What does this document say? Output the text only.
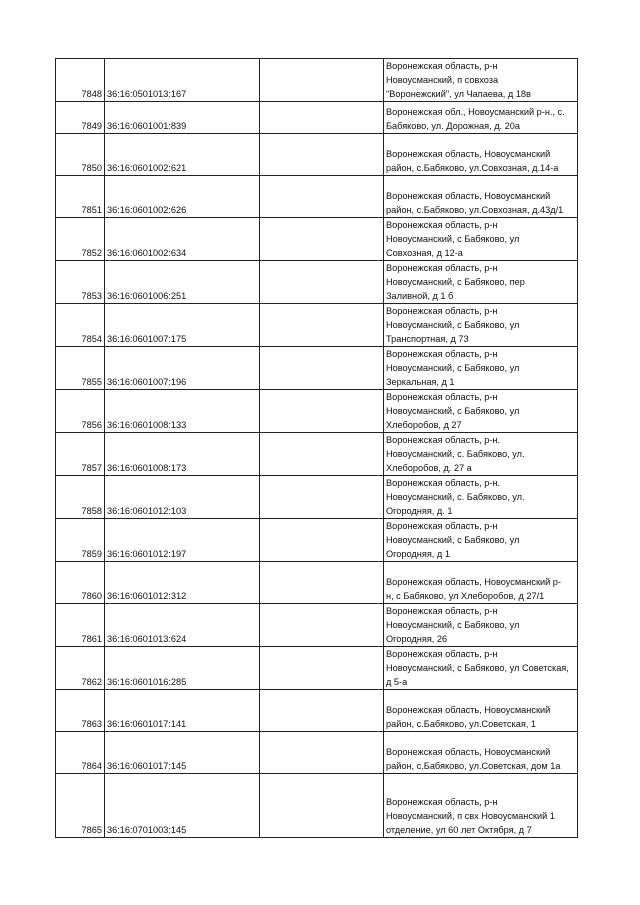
7848	36:16:0501013:167		Воронежская область, р-н
Новоусманский, п совхоза
"Воронежский", ул Чапаева, д 18в

7849	36:16:0601001:839		Воронежская обл., Новоусманский р-н., с.
Бабяково, ул. Дорожная, д. 20а

7850	36:16:0601002:621		Воронежская область, Новоусманский
район, с.Бабяково, ул.Совхозная, д.14-а

7851	36:16:0601002:626		Воронежская область, Новоусманский
район, с.Бабяково, ул.Совхозная, д.43д/1

7852	36:16:0601002:634		Воронежская область, р-н
Новоусманский, с Бабяково, ул
Совхозная, д 12-а

7853	36:16:0601006:251		Воронежская область, р-н
Новоусманский, с Бабяково, пер
Заливной, д 1 б

7854	36:16:0601007:175		Воронежская область, р-н
Новоусманский, с Бабяково, ул
Транспортная, д 73

7855	36:16:0601007:196		Воронежская область, р-н
Новоусманский, с Бабяково, ул
Зеркальная, д 1

7856	36:16:0601008:133		Воронежская область, р-н
Новоусманский, с Бабяково, ул
Хлеборобов, д 27

7857	36:16:0601008:173		Воронежская область, р-н.
Новоусманский, с. Бабяково, ул.
Хлеборобов, д. 27 а

7858	36:16:0601012:103		Воронежская область, р-н.
Новоусманский, с. Бабяково, ул.
Огородняя, д. 1

7859	36:16:0601012:197		Воронежская область, р-н
Новоусманский, с Бабяково, ул
Огородняя, д 1

7860	36:16:0601012:312		Воронежская область, Новоусманский р-
н, с Бабяково, ул Хлеборобов, д 27/1

7861	36:16:0601013:624		Воронежская область, р-н
Новоусманский, с Бабяково, ул
Огородняя, 26

7862	36:16:0601016:285		Воронежская область, р-н
Новоусманский, с Бабяково, ул Советская,
д 5-а

7863	36:16:0601017:141		Воронежская область, Новоусманский
район, с.Бабяково, ул.Советская, 1

7864	36:16:0601017:145		Воронежская область, Новоусманский
район, с.Бабяково, ул.Советская, дом 1а

7865	36:16:0701003:145		Воронежская область, р-н
Новоусманский, п свх Новоусманский 1
отделение, ул 60 лет Октября, д 7
